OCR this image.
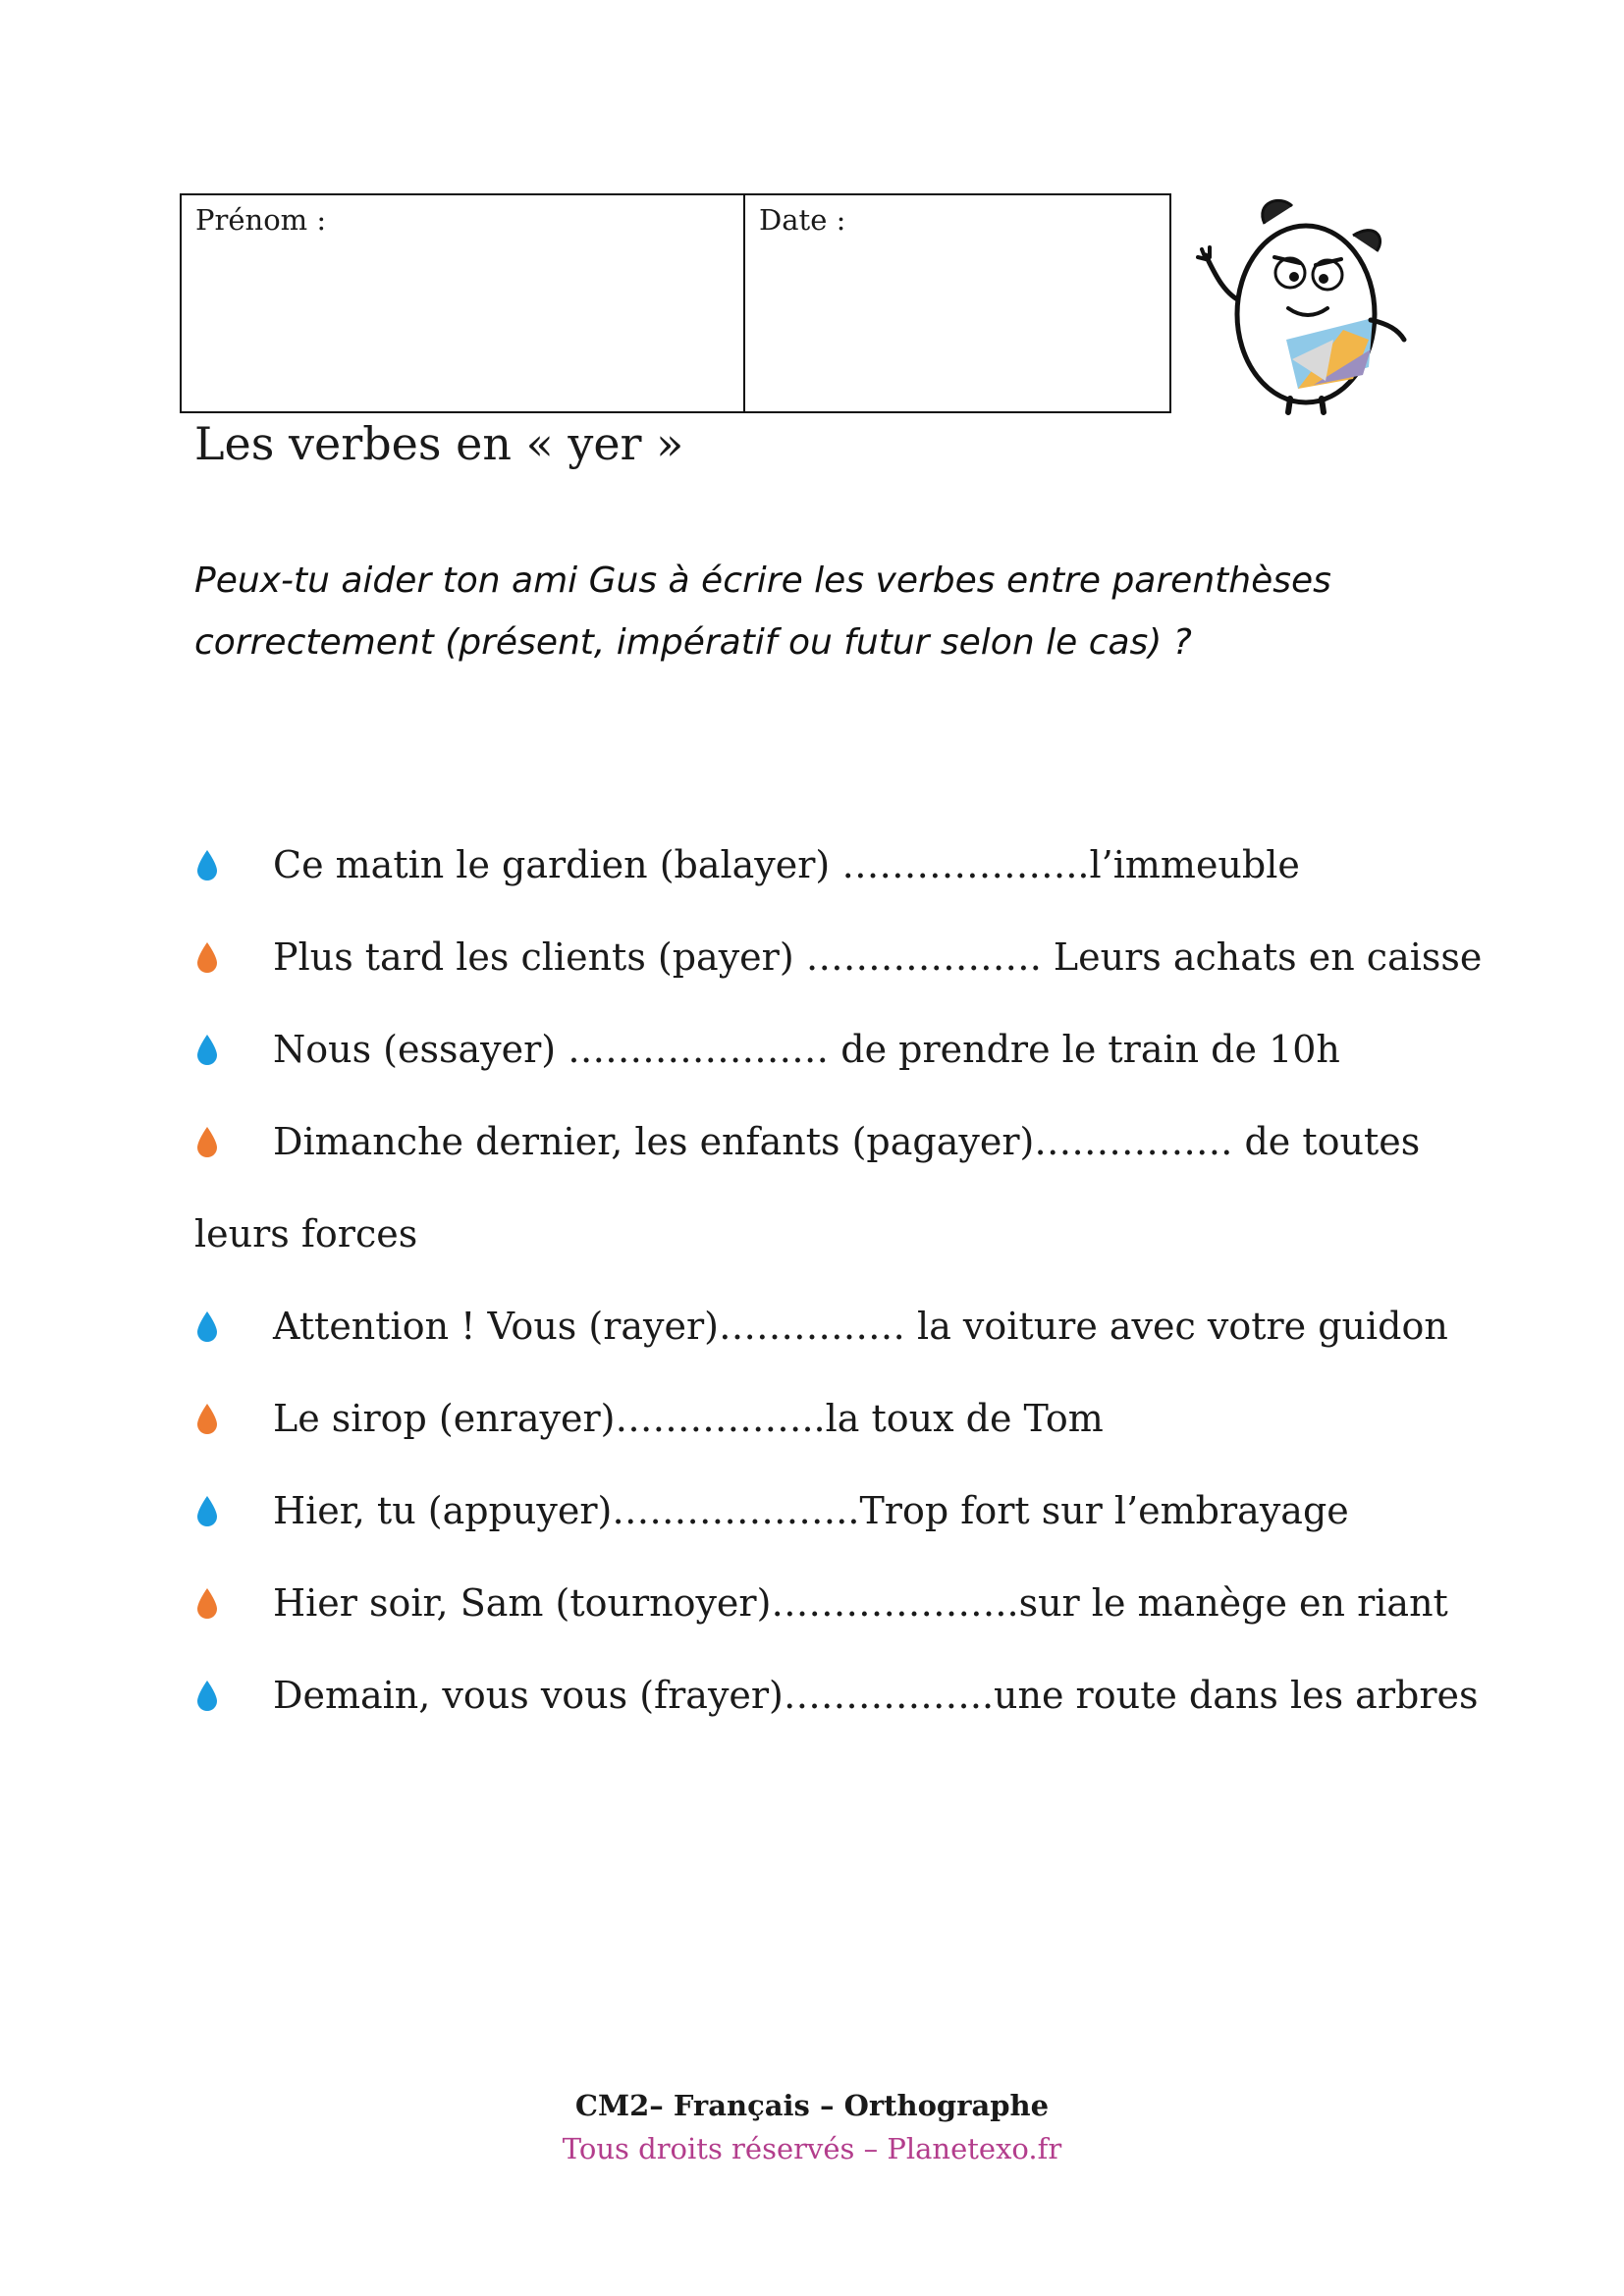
Prénom :	Date :
Les verbes en « yer »

Peux-tu aider ton ami Gus à écrire les verbes entre parenthèses correctement (présent, impératif ou futur selon le cas) ?

Ce matin le gardien (balayer) ………………..l’immeuble
Plus tard les clients (payer) ………………. Leurs achats en caisse
Nous (essayer) ………………… de prendre le train de 10h
Dimanche dernier, les enfants (pagayer)……………. de toutes
leurs forces
Attention ! Vous (rayer)…………… la voiture avec votre guidon
Le sirop (enrayer)……………..la toux de Tom
Hier, tu (appuyer)………………..Trop fort sur l’embrayage
Hier soir, Sam (tournoyer)………………..sur le manège en riant
Demain, vous vous (frayer)……………..une route dans les arbres
CM2– Français – Orthographe
Tous droits réservés – Planetexo.fr
